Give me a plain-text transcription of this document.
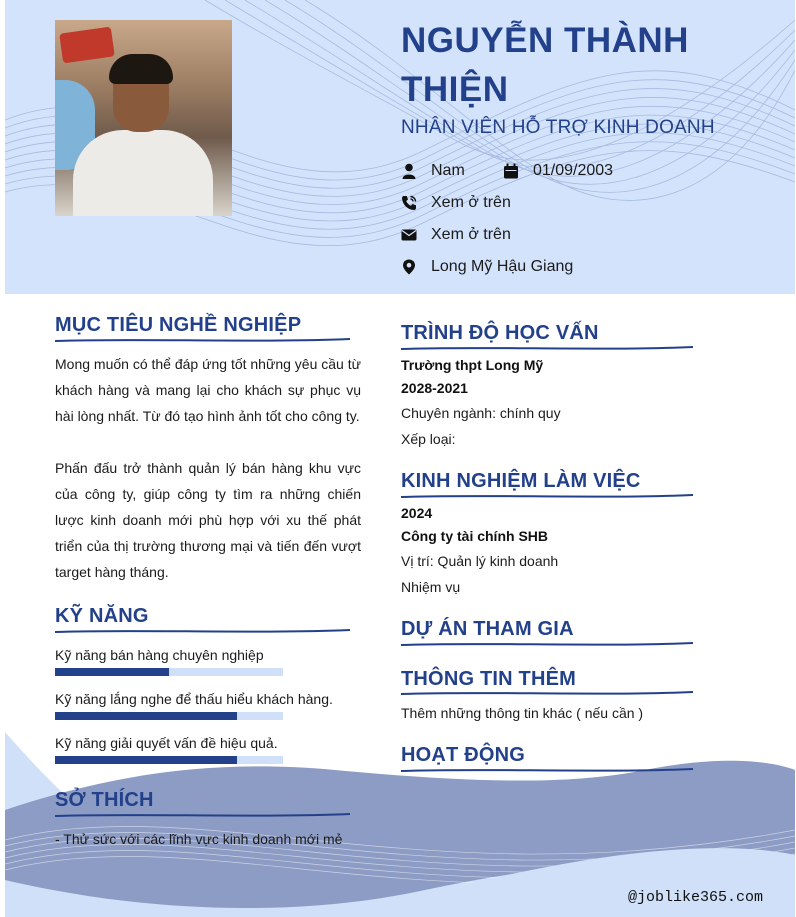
NGUYỄN THÀNH
THIỆN
NHÂN VIÊN HỖ TRỢ KINH DOANH
Nam	01/09/2003
Xem ở trên
Xem ở trên
Long Mỹ Hậu Giang
MỤC TIÊU NGHỀ NGHIỆP
Mong muốn có thể đáp ứng tốt những yêu cầu từ khách hàng và mang lại cho khách sự phục vụ hài lòng nhất. Từ đó tạo hình ảnh tốt cho công ty.
Phấn đấu trở thành quản lý bán hàng khu vực của công ty, giúp công ty tìm ra những chiến lược kinh doanh mới phù hợp với xu thế phát triển của thị trường thương mại và tiến đến vượt target hàng tháng.
KỸ NĂNG
Kỹ năng bán hàng chuyên nghiệp
Kỹ năng lắng nghe để thấu hiểu khách hàng.
Kỹ năng giải quyết vấn đề hiệu quả.
SỞ THÍCH
- Thử sức với các lĩnh vực kinh doanh mới mẻ
TRÌNH ĐỘ HỌC VẤN
Trường thpt Long Mỹ
2028-2021
Chuyên ngành: chính quy
Xếp loại:
KINH NGHIỆM LÀM VIỆC
2024
Công ty tài chính SHB
Vị trí: Quản lý kinh doanh
Nhiệm vụ
DỰ ÁN THAM GIA
THÔNG TIN THÊM
Thêm những thông tin khác ( nếu cần )
HOẠT ĐỘNG
@joblike365.com
